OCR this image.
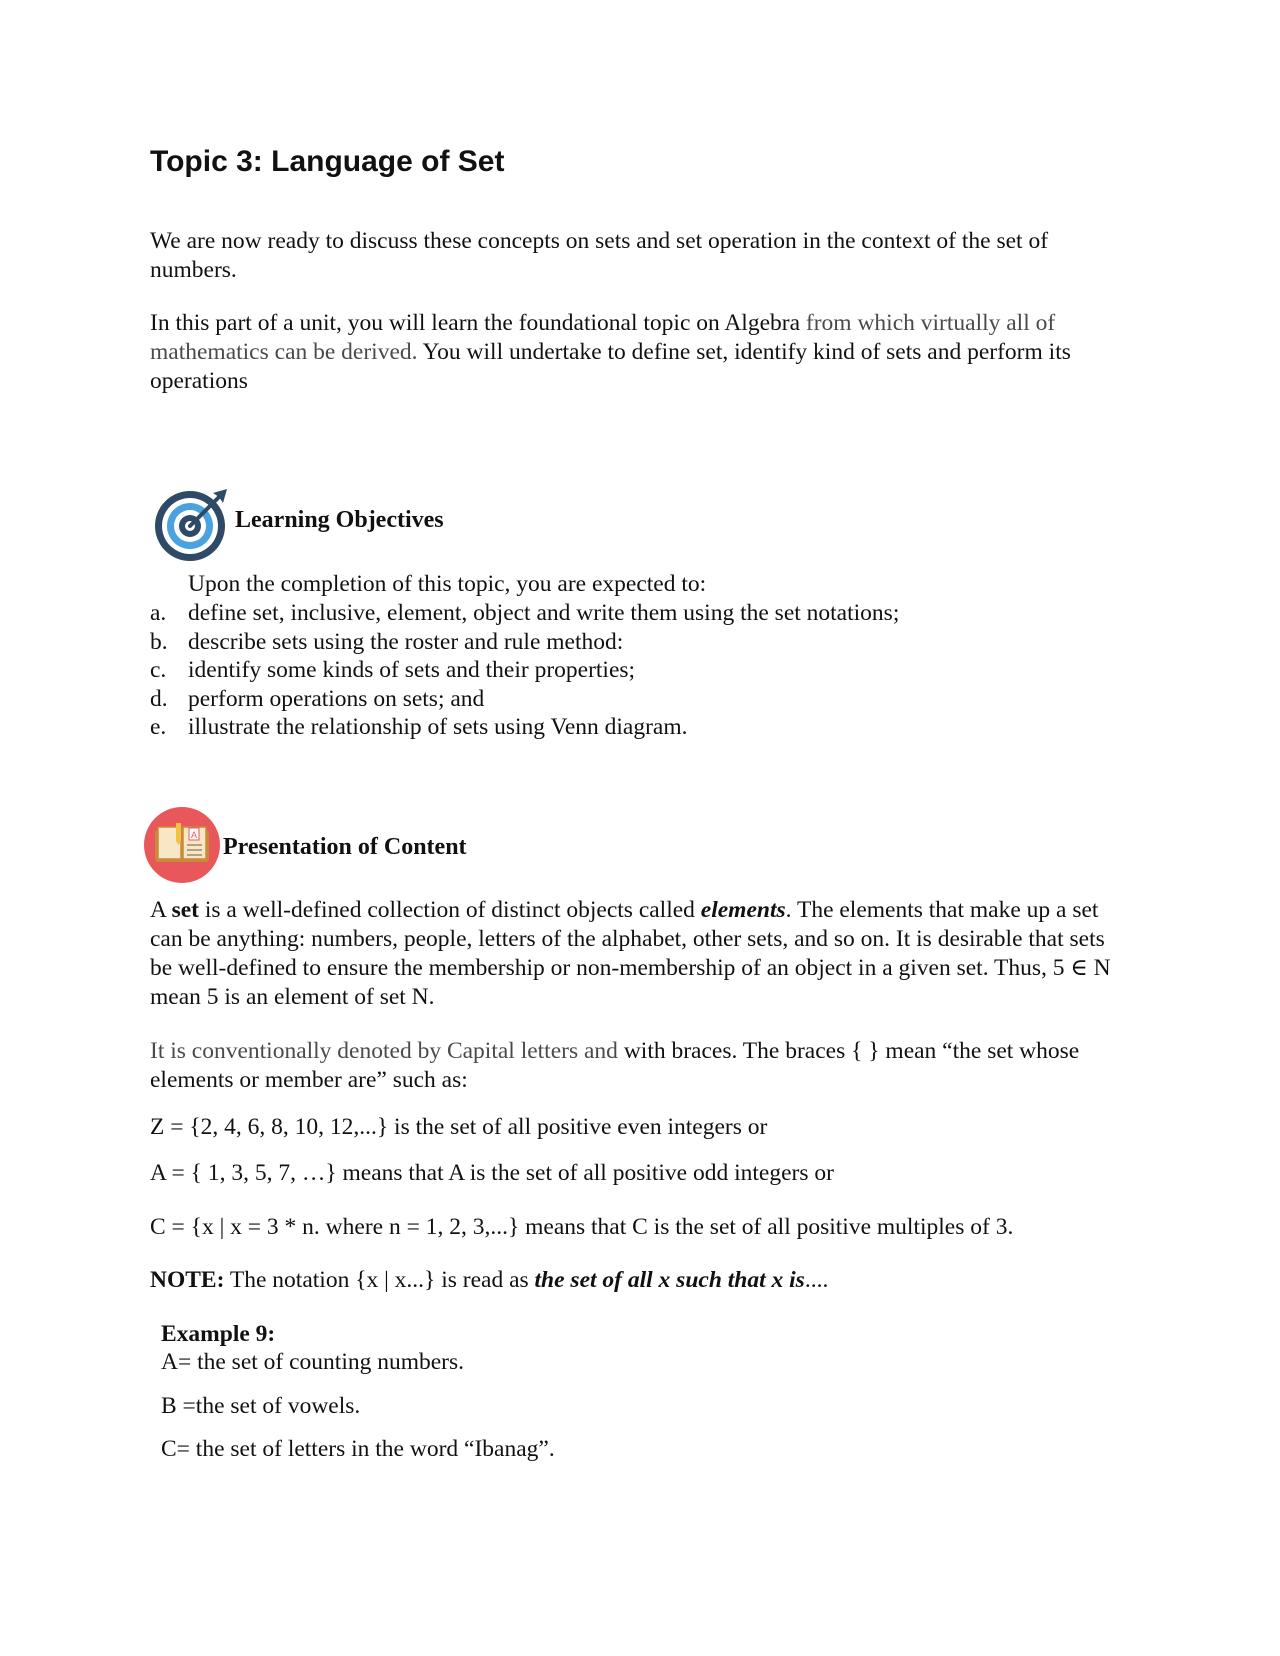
Topic 3: Language of Set

We are now ready to discuss these concepts on sets and set operation in the context of the set of numbers.

In this part of a unit, you will learn the foundational topic on Algebra from which virtually all of mathematics can be derived. You will undertake to define set, identify kind of sets and perform its operations

Learning Objectives

Upon the completion of this topic, you are expected to:

a. define set, inclusive, element, object and write them using the set notations;
b. describe sets using the roster and rule method:
c. identify some kinds of sets and their properties;
d. perform operations on sets; and
e. illustrate the relationship of sets using Venn diagram.
A Presentation of Content

A set is a well-defined collection of distinct objects called elements. The elements that make up a set can be anything: numbers, people, letters of the alphabet, other sets, and so on. It is desirable that sets be well-defined to ensure the membership or non-membership of an object in a given set. Thus, 5 ∈ N mean 5 is an element of set N.

It is conventionally denoted by Capital letters and with braces. The braces { } mean “the set whose elements or member are” such as:

Z = {2, 4, 6, 8, 10, 12,...} is the set of all positive even integers or

A = { 1, 3, 5, 7, …} means that A is the set of all positive odd integers or

C = {x | x = 3 * n. where n = 1, 2, 3,...} means that C is the set of all positive multiples of 3.

NOTE: The notation {x | x...} is read as the set of all x such that x is....

Example 9:

A= the set of counting numbers.

B =the set of vowels.

C= the set of letters in the word “Ibanag”.
